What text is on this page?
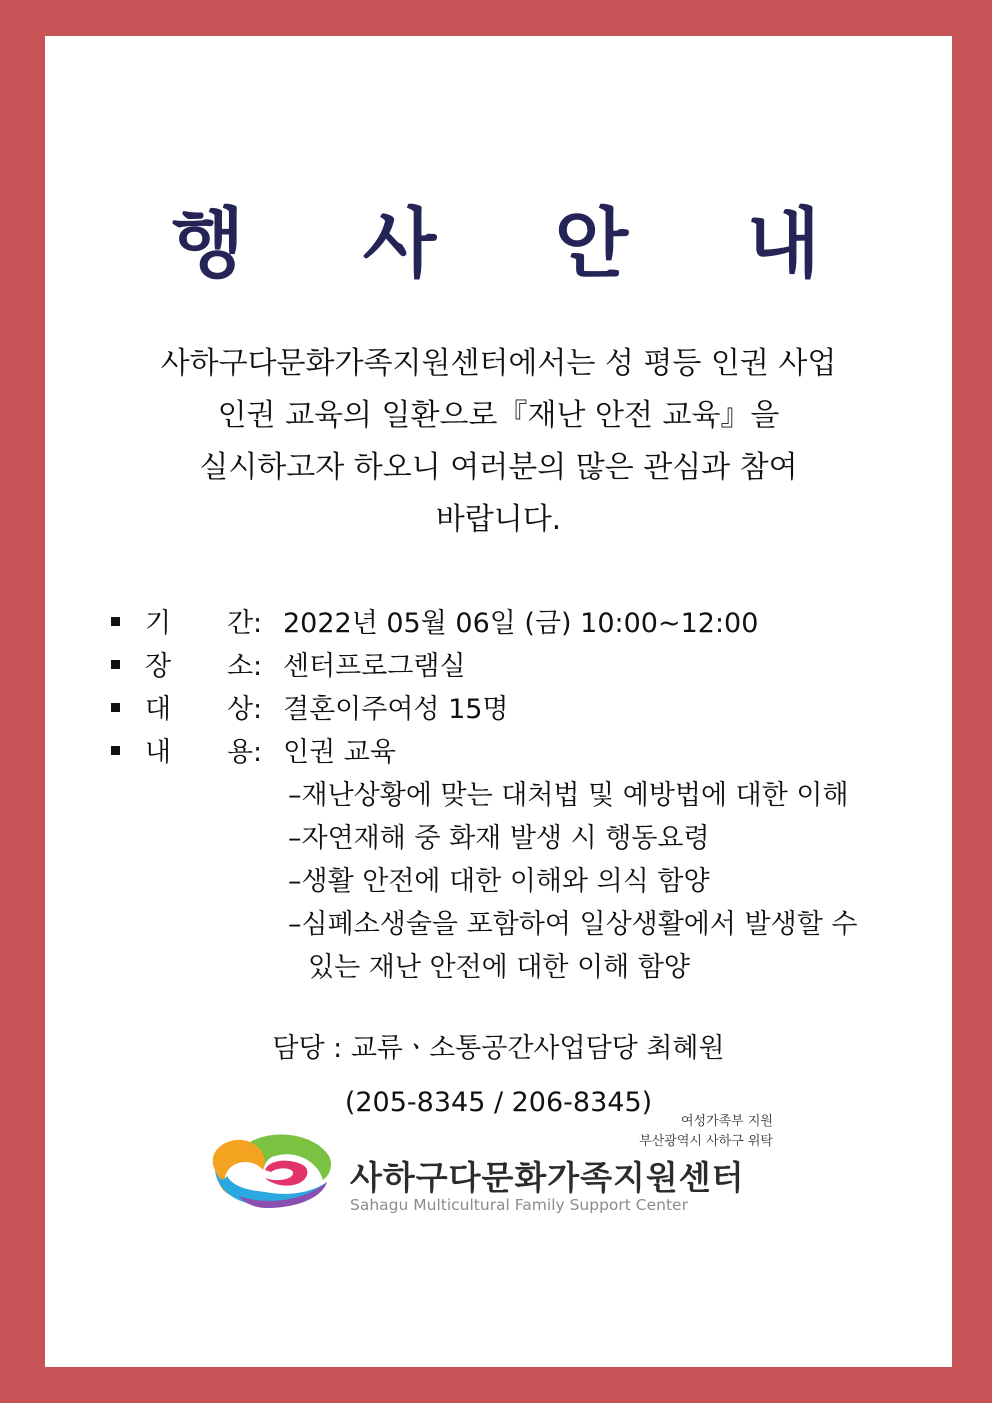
행 사 안 내
사하구다문화가족지원센터에서는 성 평등 인권 사업
인권 교육의 일환으로『재난 안전 교육』을
실시하고자 하오니 여러분의 많은 관심과 참여
바랍니다.
기	간 : 2022년 05월 06일 (금) 10:00~12:00
장	소 : 센터프로그램실
대	상 : 결혼이주여성 15명
내	용 : 인권 교육
–재난상황에 맞는 대처법 및 예방법에 대한 이해
–자연재해 중 화재 발생 시 행동요령
–생활 안전에 대한 이해와 의식 함양
–심폐소생술을 포함하여 일상생활에서 발생할 수
있는 재난 안전에 대한 이해 함양
담당 : 교류ㆍ소통공간사업담당 최혜원
(205-8345 / 206-8345)
여성가족부 지원
부산광역시 사하구 위탁
사하구다문화가족지원센터
Sahagu Multicultural Family Support Center
